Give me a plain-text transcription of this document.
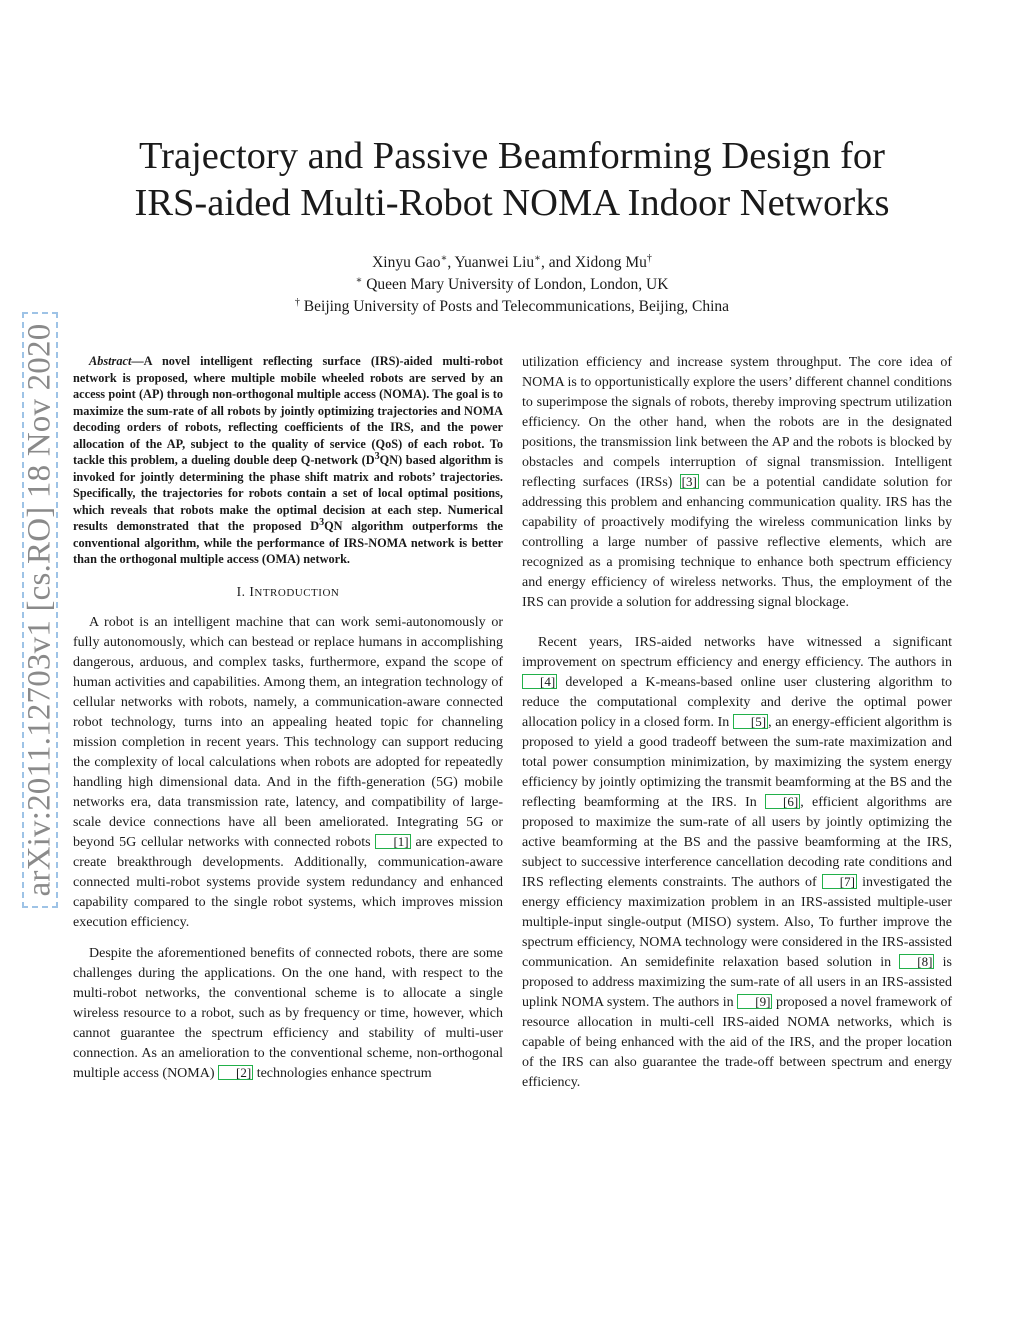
arXiv:2011.12703v1 [cs.RO] 18 Nov 2020
Trajectory and Passive Beamforming Design for
IRS-aided Multi-Robot NOMA Indoor Networks
Xinyu Gao∗, Yuanwei Liu∗, and Xidong Mu†
∗ Queen Mary University of London, London, UK
† Beijing University of Posts and Telecommunications, Beijing, China

Abstract—A novel intelligent reflecting surface (IRS)-aided multi-robot network is proposed, where multiple mobile wheeled robots are served by an access point (AP) through non-orthogonal multiple access (NOMA). The goal is to maximize the sum-rate of all robots by jointly optimizing trajectories and NOMA decoding orders of robots, reflecting coefficients of the IRS, and the power allocation of the AP, subject to the quality of service (QoS) of each robot. To tackle this problem, a dueling double deep Q-network $(D^3QN)$ based algorithm is invoked for jointly determining the phase shift matrix and robots’ trajectories. Specifically, the trajectories for robots contain a set of local optimal positions, which reveals that robots make the optimal decision at each step. Numerical results demonstrated that the proposed $D^3QN$ algorithm outperforms the conventional algorithm, while the performance of IRS-NOMA network is better than the orthogonal multiple access (OMA) network.

I. INTRODUCTION

A robot is an intelligent machine that can work semi-autonomously or fully autonomously, which can bestead or replace humans in accomplishing dangerous, arduous, and complex tasks, furthermore, expand the scope of human activities and capabilities. Among them, an integration technology of cellular networks with robots, namely, a communication-aware connected robot technology, turns into an appealing heated topic for channeling mission completion in recent years. This technology can support reducing the complexity of local calculations when robots are adopted for repeatedly handling high dimensional data. And in the fifth-generation (5G) mobile networks era, data transmission rate, latency, and compatibility of large-scale device connections have all been ameliorated. Integrating 5G or beyond 5G cellular networks with connected robots [1] are expected to create breakthrough developments. Additionally, communication-aware connected multi-robot systems provide system redundancy and enhanced capability compared to the single robot systems, which improves mission execution efficiency.

Despite the aforementioned benefits of connected robots, there are some challenges during the applications. On the one hand, with respect to the multi-robot networks, the conventional scheme is to allocate a single wireless resource to a robot, such as by frequency or time, however, which cannot guarantee the spectrum efficiency and stability of multi-user connection. As an amelioration to the conventional scheme, non-orthogonal multiple access (NOMA) [2] technologies enhance spectrum

utilization efficiency and increase system throughput. The core idea of NOMA is to opportunistically explore the users’ different channel conditions to superimpose the signals of robots, thereby improving spectrum utilization efficiency. On the other hand, when the robots are in the designated positions, the transmission link between the AP and the robots is blocked by obstacles and compels interruption of signal transmission. Intelligent reflecting surfaces (IRSs) [3] can be a potential candidate solution for addressing this problem and enhancing communication quality. IRS has the capability of proactively modifying the wireless communication links by controlling a large number of passive reflective elements, which are recognized as a promising technique to enhance both spectrum efficiency and energy efficiency of wireless networks. Thus, the employment of the IRS can provide a solution for addressing signal blockage.

Recent years, IRS-aided networks have witnessed a significant improvement on spectrum efficiency and energy efficiency. The authors in [4] developed a K-means-based online user clustering algorithm to reduce the computational complexity and derive the optimal power allocation policy in a closed form. In [5] , an energy-efficient algorithm is proposed to yield a good tradeoff between the sum-rate maximization and total power consumption minimization, by maximizing the system energy efficiency by jointly optimizing the transmit beamforming at the BS and the reflecting beamforming at the IRS. In [6] , efficient algorithms are proposed to maximize the sum-rate of all users by jointly optimizing the active beamforming at the BS and the passive beamforming at the IRS, subject to successive interference cancellation decoding rate conditions and IRS reflecting elements constraints. The authors of [7] investigated the energy efficiency maximization problem in an IRS-assisted multiple-user multiple-input single-output (MISO) system. Also, To further improve the spectrum efficiency, NOMA technology were considered in the IRS-assisted communication. An semidefinite relaxation based solution in [8] is proposed to address maximizing the sum-rate of all users in an IRS-assisted uplink NOMA system. The authors in [9] proposed a novel framework of resource allocation in multi-cell IRS-aided NOMA networks, which is capable of being enhanced with the aid of the IRS, and the proper location of the IRS can also guarantee the trade-off between spectrum and energy efficiency.
